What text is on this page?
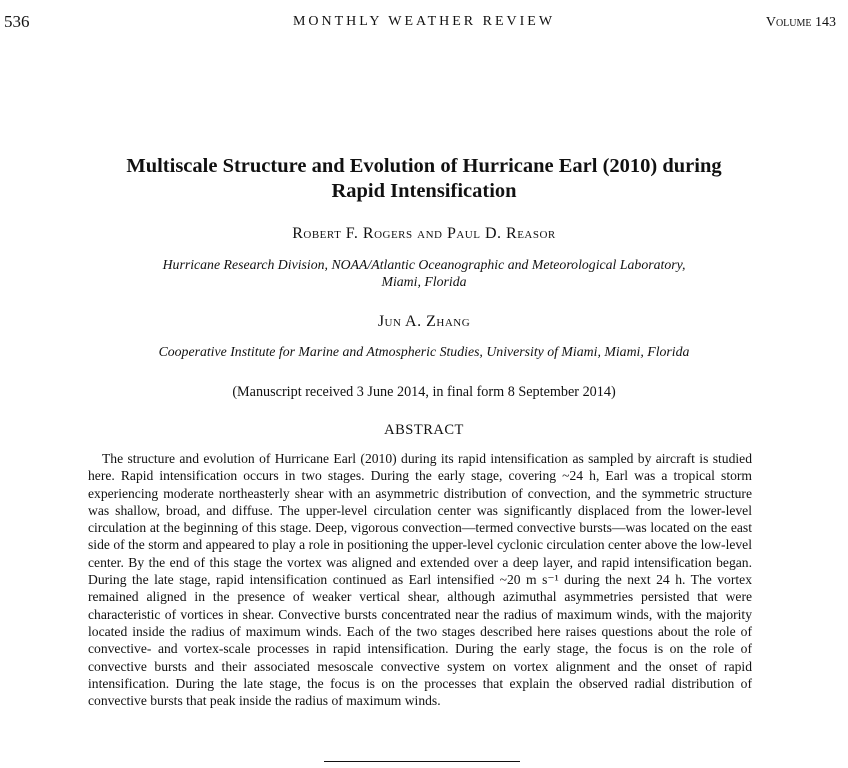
536	MONTHLY WEATHER REVIEW	Volume 143
Multiscale Structure and Evolution of Hurricane Earl (2010) during
Rapid Intensification
Robert F. Rogers and Paul D. Reasor
Hurricane Research Division, NOAA/Atlantic Oceanographic and Meteorological Laboratory, Miami, Florida
Jun A. Zhang
Cooperative Institute for Marine and Atmospheric Studies, University of Miami, Miami, Florida
(Manuscript received 3 June 2014, in final form 8 September 2014)
ABSTRACT
The structure and evolution of Hurricane Earl (2010) during its rapid intensification as sampled by aircraft is studied here. Rapid intensification occurs in two stages. During the early stage, covering ~24 h, Earl was a tropical storm experiencing moderate northeasterly shear with an asymmetric distribution of convection, and the symmetric structure was shallow, broad, and diffuse. The upper-level circulation center was significantly displaced from the lower-level circulation at the beginning of this stage. Deep, vigorous convection—termed convective bursts—was located on the east side of the storm and appeared to play a role in positioning the upper-level cyclonic circulation center above the low-level center. By the end of this stage the vortex was aligned and extended over a deep layer, and rapid intensification began. During the late stage, rapid intensification continued as Earl intensified ~20 m s⁻¹ during the next 24 h. The vortex remained aligned in the presence of weaker vertical shear, although azimuthal asymmetries persisted that were characteristic of vortices in shear. Convective bursts concentrated near the radius of maximum winds, with the majority located inside the radius of maximum winds. Each of the two stages described here raises questions about the role of convective- and vortex-scale processes in rapid intensification. During the early stage, the focus is on the role of convective bursts and their associated mesoscale convective system on vortex alignment and the onset of rapid intensification. During the late stage, the focus is on the processes that explain the observed radial distribution of convective bursts that peak inside the radius of maximum winds.
